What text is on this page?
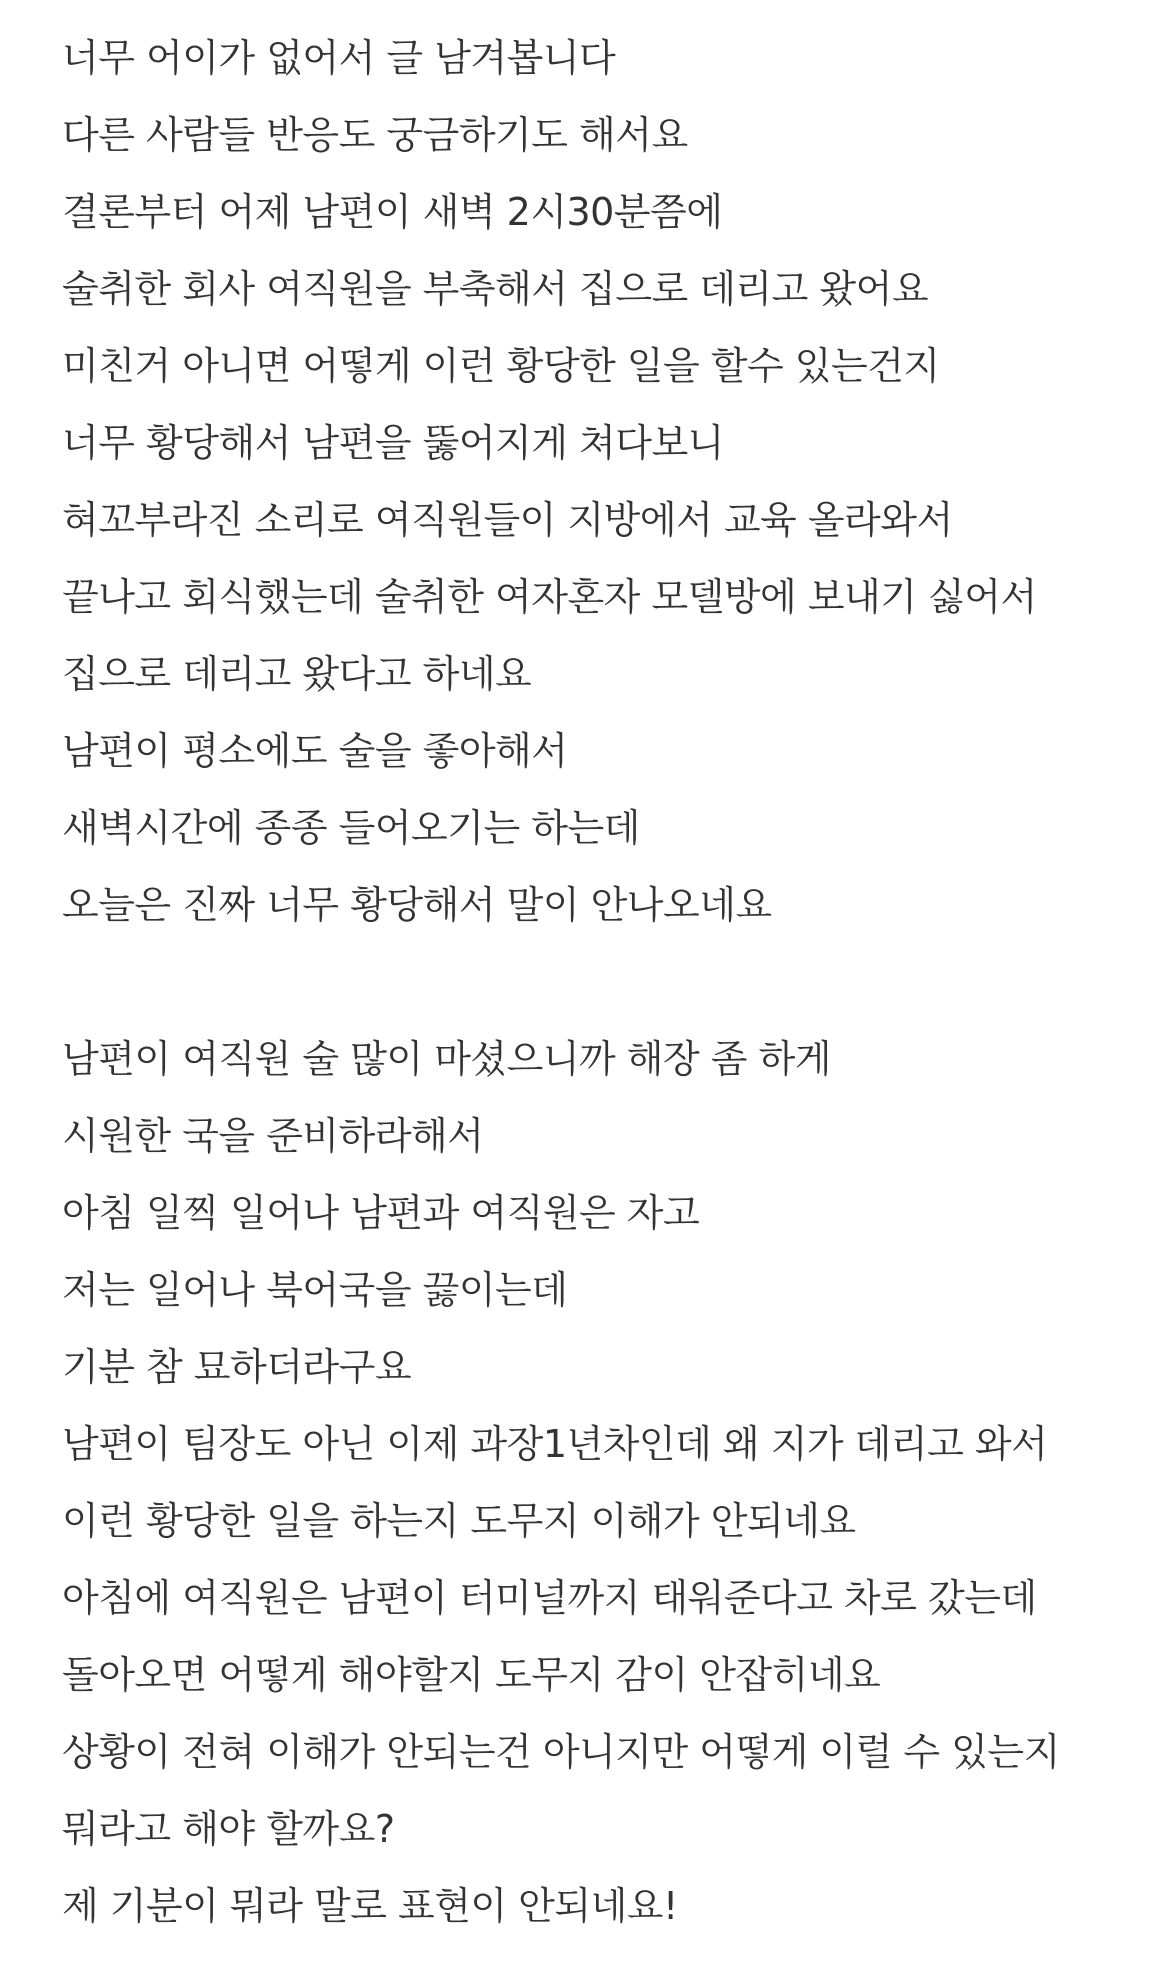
너무 어이가 없어서 글 남겨봅니다
다른 사람들 반응도 궁금하기도 해서요
결론부터 어제 남편이 새벽 2시30분쯤에
술취한 회사 여직원을 부축해서 집으로 데리고 왔어요
미친거 아니면 어떻게 이런 황당한 일을 할수 있는건지
너무 황당해서 남편을 뚫어지게 쳐다보니
혀꼬부라진 소리로 여직원들이 지방에서 교육 올라와서
끝나고 회식했는데 술취한 여자혼자 모델방에 보내기 싫어서
집으로 데리고 왔다고 하네요
남편이 평소에도 술을 좋아해서
새벽시간에 종종 들어오기는 하는데
오늘은 진짜 너무 황당해서 말이 안나오네요
남편이 여직원 술 많이 마셨으니까 해장 좀 하게
시원한 국을 준비하라해서
아침 일찍 일어나 남편과 여직원은 자고
저는 일어나 북어국을 끓이는데
기분 참 묘하더라구요
남편이 팀장도 아닌 이제 과장1년차인데 왜 지가 데리고 와서
이런 황당한 일을 하는지 도무지 이해가 안되네요
아침에 여직원은 남편이 터미널까지 태워준다고 차로 갔는데
돌아오면 어떻게 해야할지 도무지 감이 안잡히네요
상황이 전혀 이해가 안되는건 아니지만 어떻게 이럴 수 있는지
뭐라고 해야 할까요?
제 기분이 뭐라 말로 표현이 안되네요!
